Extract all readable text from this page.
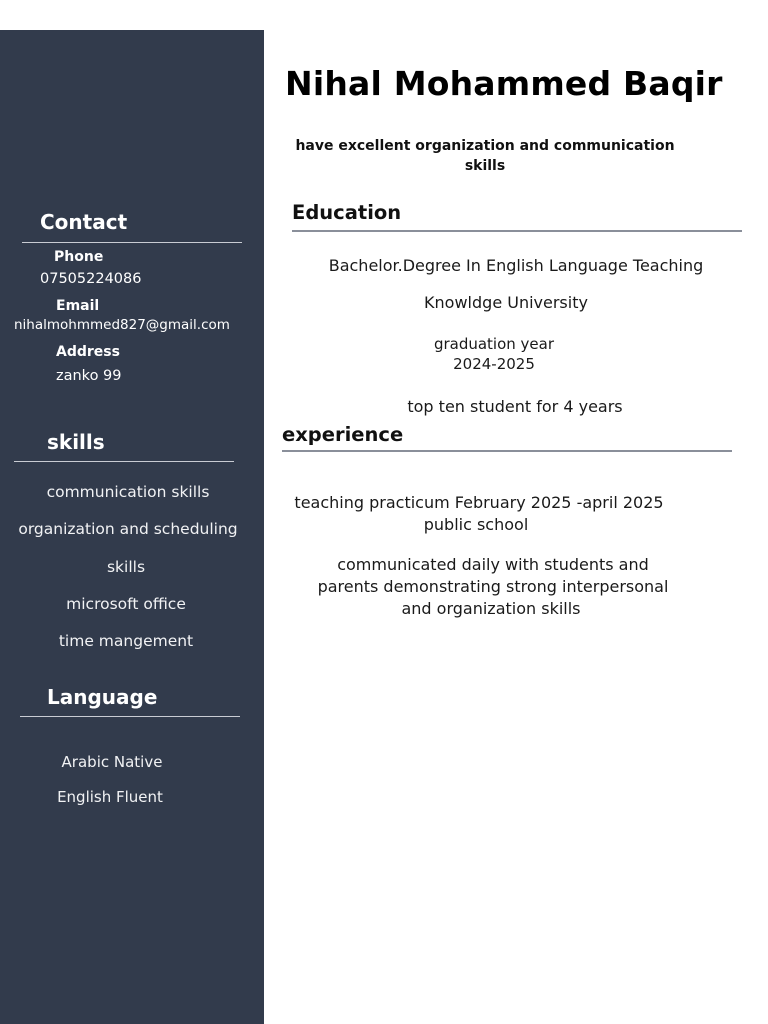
Contact
Phone
07505224086
Email
nihalmohmmed827@gmail.com
Address
zanko 99
skills
communication skills
organization and scheduling
skills
microsoft office
time mangement
Language
Arabic Native
English Fluent
Nihal Mohammed Baqir
have excellent organization and communication skills
Education
Bachelor.Degree In English Language Teaching
Knowldge University
graduation year
2024-2025
top ten student for 4 years
experience
teaching practicum February 2025 -april 2025
public school
communicated daily with students and
parents demonstrating strong interpersonal
and organization skills
